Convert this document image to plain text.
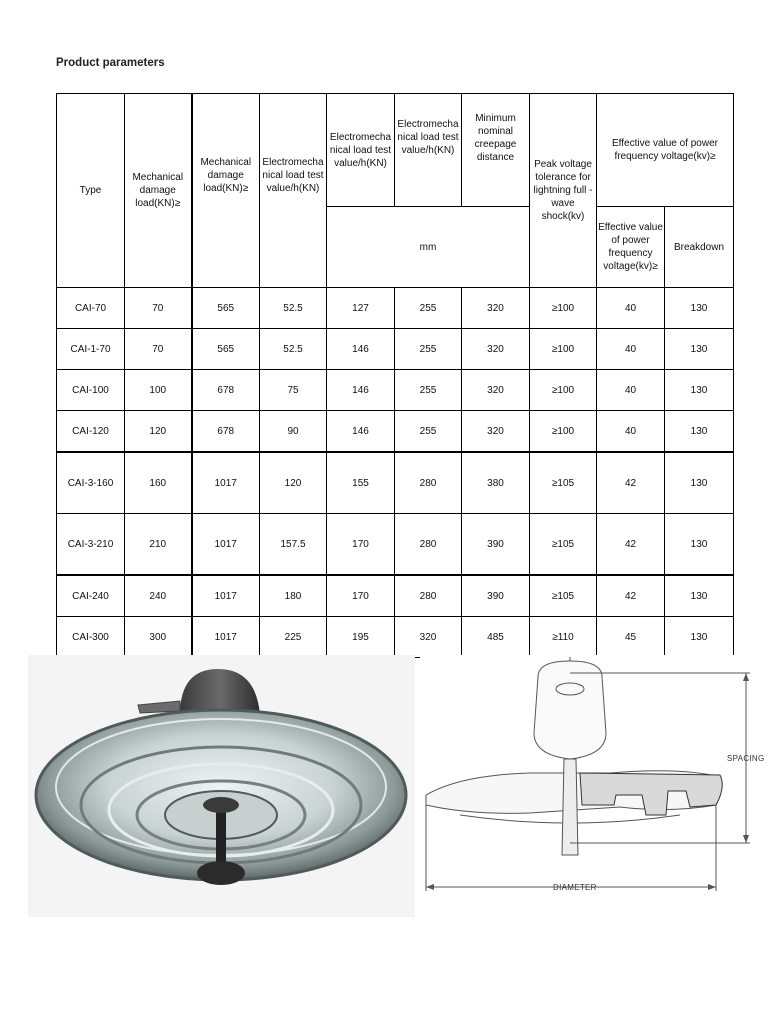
Product parameters
Type	Mechanical damage load(KN)≥	Mechanical damage load(KN)≥	Electromecha nical load test value/h(KN)	Electromecha nical load test value/h(KN)	Electromecha nical load test value/h(KN)	Minimum nominal creepage distance	Peak voltage tolerance for lightning full - wave shock(kv)	Effective value of power frequency voltage(kv)≥	
				mm				Effective value of power frequency voltage(kv)≥	Breakdown
CAI-70	70	565	52.5	127	255	320	≥100	40	130
CAI-1-70	70	565	52.5	146	255	320	≥100	40	130
CAI-100	100	678	75	146	255	320	≥100	40	130
CAI-120	120	678	90	146	255	320	≥100	40	130
CAI-3-160	160	1017	120	155	280	380	≥105	42	130
CAI-3-210	210	1017	157.5	170	280	390	≥105	42	130
CAI-240	240	1017	180	170	280	390	≥105	42	130
CAI-300	300	1017	225	195	320	485	≥110	45	130
SPACING
DIAMETER
